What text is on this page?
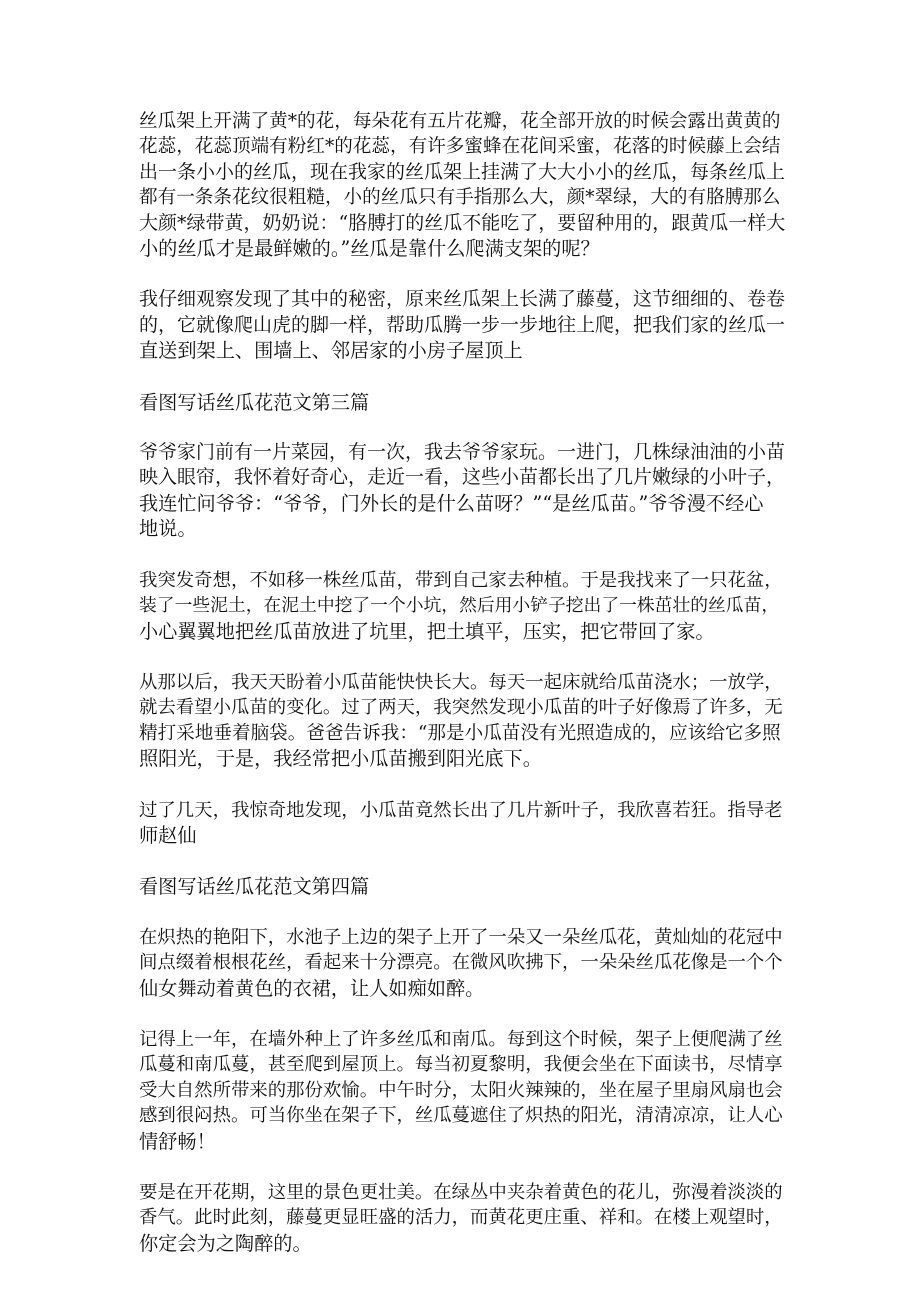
丝瓜架上开满了黄*的花，每朵花有五片花瓣，花全部开放的时候会露出黄黄的
花蕊，花蕊顶端有粉红*的花蕊，有许多蜜蜂在花间采蜜，花落的时候藤上会结
出一条小小的丝瓜，现在我家的丝瓜架上挂满了大大小小的丝瓜，每条丝瓜上
都有一条条花纹很粗糙，小的丝瓜只有手指那么大，颜*翠绿，大的有胳膊那么
大颜*绿带黄，奶奶说：“胳膊打的丝瓜不能吃了，要留种用的，跟黄瓜一样大
小的丝瓜才是最鲜嫩的。”丝瓜是靠什么爬满支架的呢？
我仔细观察发现了其中的秘密，原来丝瓜架上长满了藤蔓，这节细细的、卷卷
的，它就像爬山虎的脚一样，帮助瓜腾一步一步地往上爬，把我们家的丝瓜一
直送到架上、围墙上、邻居家的小房子屋顶上
看图写话丝瓜花范文第三篇
爷爷家门前有一片菜园，有一次，我去爷爷家玩。一进门，几株绿油油的小苗
映入眼帘，我怀着好奇心，走近一看，这些小苗都长出了几片嫩绿的小叶子，
我连忙问爷爷：“爷爷，门外长的是什么苗呀？”“是丝瓜苗。”爷爷漫不经心
地说。
我突发奇想，不如移一株丝瓜苗，带到自己家去种植。于是我找来了一只花盆，
装了一些泥土，在泥土中挖了一个小坑，然后用小铲子挖出了一株茁壮的丝瓜苗，
小心翼翼地把丝瓜苗放进了坑里，把土填平，压实，把它带回了家。
从那以后，我天天盼着小瓜苗能快快长大。每天一起床就给瓜苗浇水；一放学，
就去看望小瓜苗的变化。过了两天，我突然发现小瓜苗的叶子好像焉了许多，无
精打采地垂着脑袋。爸爸告诉我：“那是小瓜苗没有光照造成的，应该给它多照
照阳光，于是，我经常把小瓜苗搬到阳光底下。
过了几天，我惊奇地发现，小瓜苗竟然长出了几片新叶子，我欣喜若狂。指导老
师赵仙
看图写话丝瓜花范文第四篇
在炽热的艳阳下，水池子上边的架子上开了一朵又一朵丝瓜花，黄灿灿的花冠中
间点缀着根根花丝，看起来十分漂亮。在微风吹拂下，一朵朵丝瓜花像是一个个
仙女舞动着黄色的衣裙，让人如痴如醉。
记得上一年，在墙外种上了许多丝瓜和南瓜。每到这个时候，架子上便爬满了丝
瓜蔓和南瓜蔓，甚至爬到屋顶上。每当初夏黎明，我便会坐在下面读书，尽情享
受大自然所带来的那份欢愉。中午时分，太阳火辣辣的，坐在屋子里扇风扇也会
感到很闷热。可当你坐在架子下，丝瓜蔓遮住了炽热的阳光，清清凉凉，让人心
情舒畅！
要是在开花期，这里的景色更壮美。在绿丛中夹杂着黄色的花儿，弥漫着淡淡的
香气。此时此刻，藤蔓更显旺盛的活力，而黄花更庄重、祥和。在楼上观望时，
你定会为之陶醉的。
